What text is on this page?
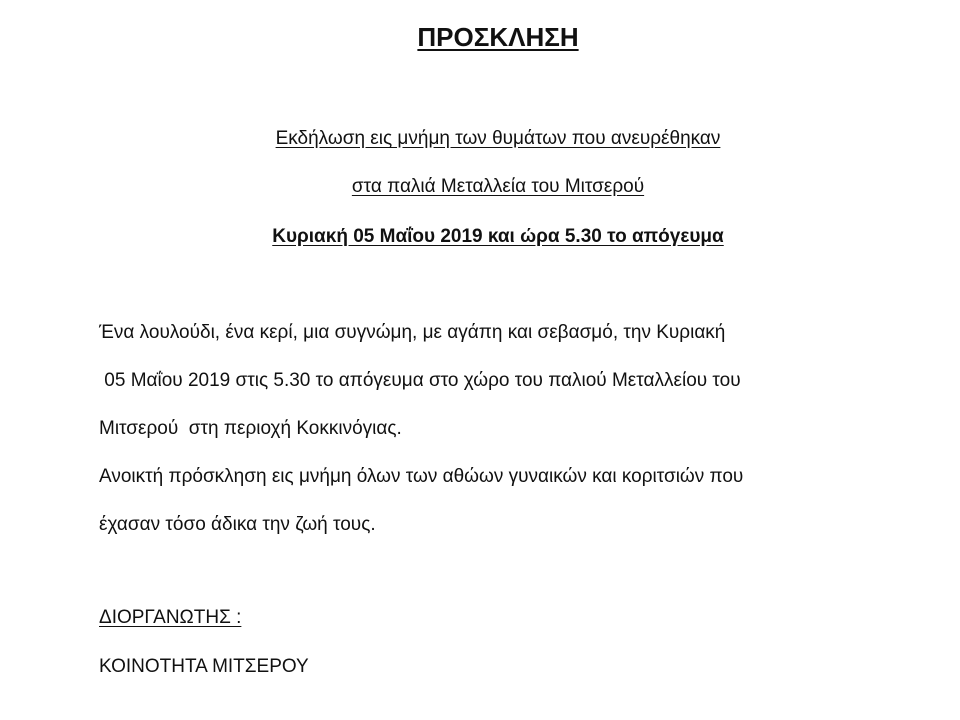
ΠΡΟΣΚΛΗΣΗ
Εκδήλωση εις μνήμη των θυμάτων που ανευρέθηκαν
στα παλιά Μεταλλεία του Μιτσερού
Κυριακή 05 Μαΐου 2019 και ώρα 5.30 το απόγευμα
Ένα λουλούδι, ένα κερί, μια συγνώμη, με αγάπη και σεβασμό, την Κυριακή
05 Μαΐου 2019 στις 5.30 το απόγευμα στο χώρο του παλιού Μεταλλείου του
Μιτσερού  στη περιοχή Κοκκινόγιας.
Ανοικτή πρόσκληση εις μνήμη όλων των αθώων γυναικών και κοριτσιών που
έχασαν τόσο άδικα την ζωή τους.
ΔΙΟΡΓΑΝΩΤΗΣ :
ΚΟΙΝΟΤΗΤΑ ΜΙΤΣΕΡΟΥ
